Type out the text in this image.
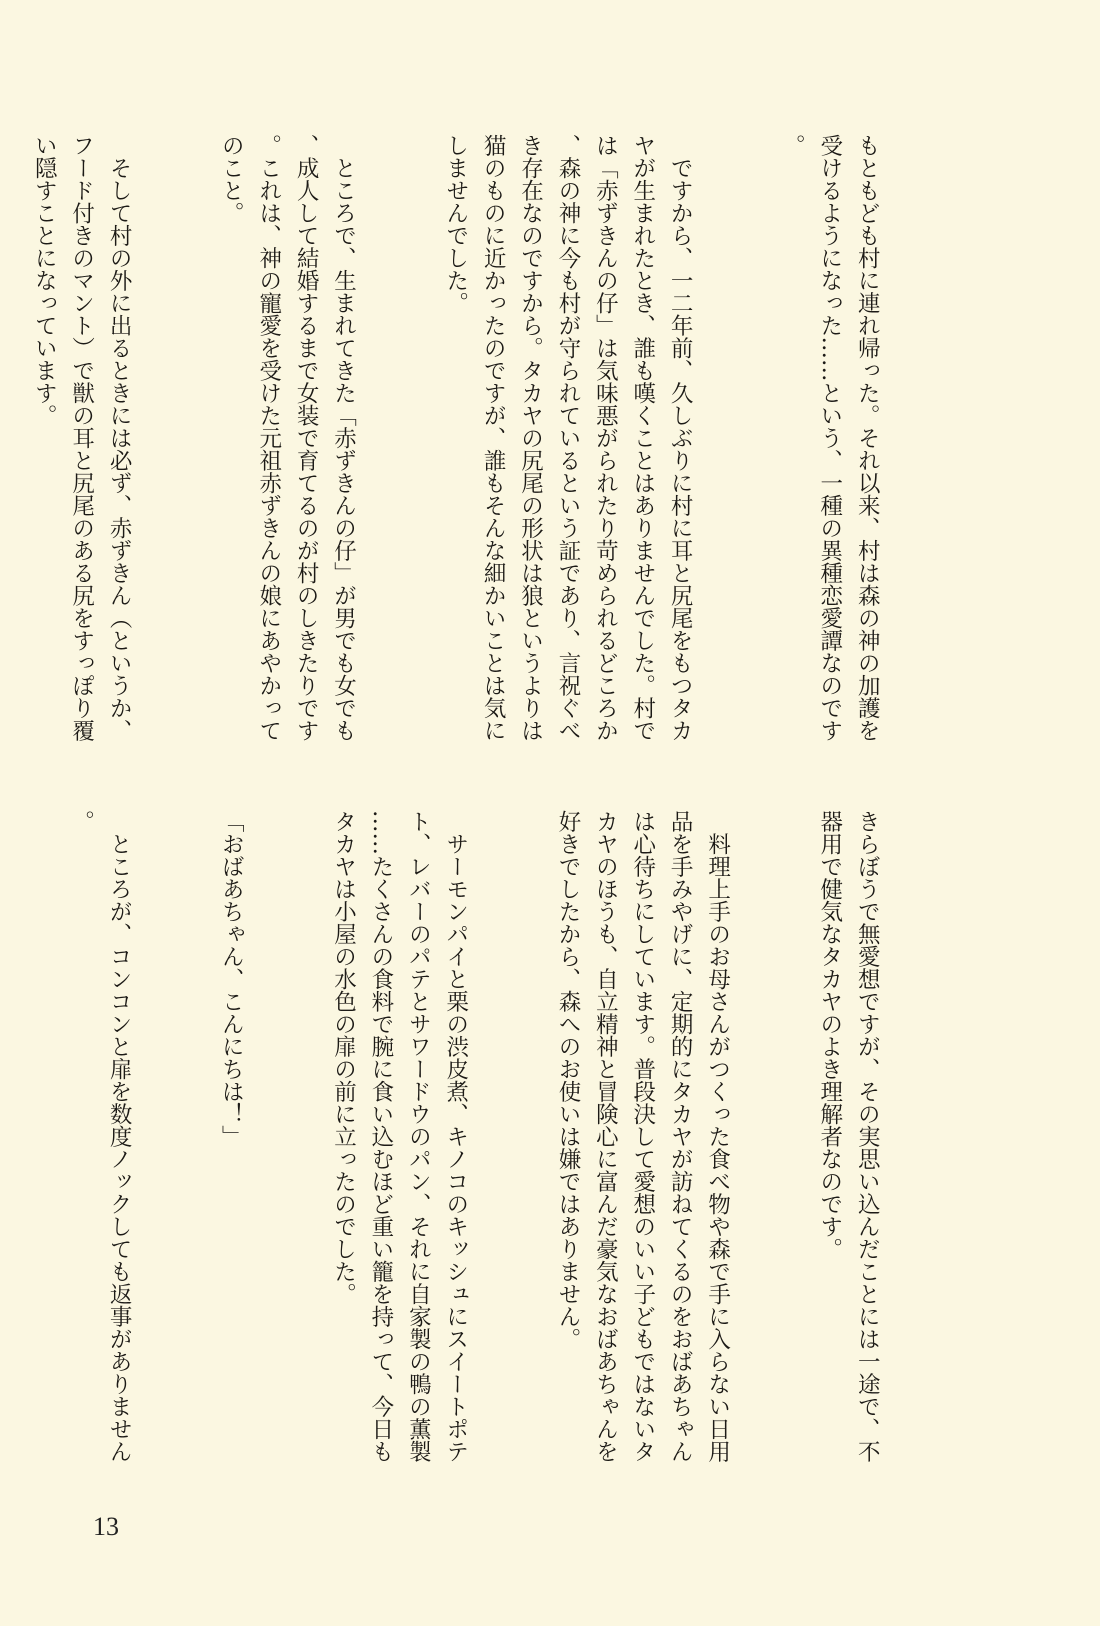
もともども村に連れ帰った。それ以来、村は森の神の加護を受けるようになった……という、一種の異種恋愛譚なのです。

　ですから、一二年前、久しぶりに村に耳と尻尾をもつタカヤが生まれたとき、誰も嘆くことはありませんでした。村では「赤ずきんの仔」は気味悪がられたり苛められるどころか、森の神に今も村が守られているという証であり、言祝ぐべき存在なのですから。タカヤの尻尾の形状は狼というよりは猫のものに近かったのですが、誰もそんな細かいことは気にしませんでした。

　ところで、生まれてきた「赤ずきんの仔」が男でも女でも、成人して結婚するまで女装で育てるのが村のしきたりです。これは、神の寵愛を受けた元祖赤ずきんの娘にあやかってのこと。

　そして村の外に出るときには必ず、赤ずきん（というか、フード付きのマント）で獣の耳と尻尾のある尻をすっぽり覆い隠すことになっています。

きらぼうで無愛想ですが、その実思い込んだことには一途で、不器用で健気なタカヤのよき理解者なのです。

　料理上手のお母さんがつくった食べ物や森で手に入らない日用品を手みやげに、定期的にタカヤが訪ねてくるのをおばあちゃんは心待ちにしています。普段決して愛想のいい子どもではないタカヤのほうも、自立精神と冒険心に富んだ豪気なおばあちゃんを好きでしたから、森へのお使いは嫌ではありません。

　サーモンパイと栗の渋皮煮、キノコのキッシュにスイートポテト、レバーのパテとサワードウのパン、それに自家製の鴨の薫製……たくさんの食料で腕に食い込むほど重い籠を持って、今日もタカヤは小屋の水色の扉の前に立ったのでした。

「おばあちゃん、こんにちは！」

　ところが、コンコンと扉を数度ノックしても返事がありません。

13
